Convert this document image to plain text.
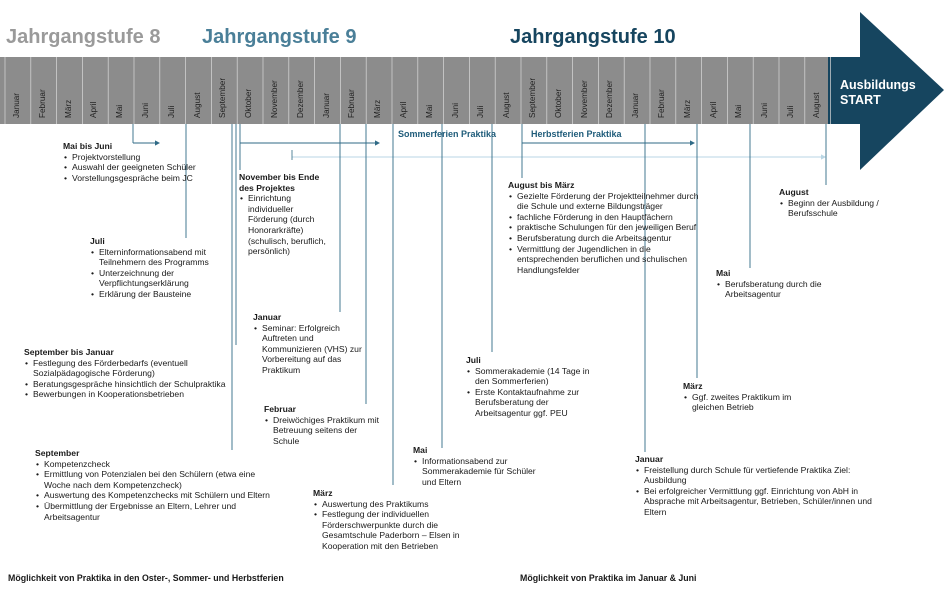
Jahrgangstufe 8 Jahrgangstufe 9	Jahrgangstufe 10
Januar	Februar	März	April	Mai	Juni	Juli	August	September	Oktober	November	Dezember	Januar	Februar	März	April	Mai	Juni	Juli	August	September	Oktober	November	Dezember	Januar	Februar	März	April	Mai	Juni	Juli	August
Ausbildungs
START
Sommerferien Praktika	Herbstferien Praktika
Mai bis Juni
• Projektvorstellung
• Auswahl der geeigneten Schüler
• Vorstellungsgespräche beim JC
Juli
• Elterninformationsabend mit Teilnehmern des Programms
• Unterzeichnung der Verpflichtungserklärung
• Erklärung der Bausteine
September bis Januar
• Festlegung des Förderbedarfs (eventuell Sozialpädagogische Förderung)
• Beratungsgespräche hinsichtlich der Schulpraktika
• Bewerbungen in Kooperationsbetrieben
September
• Kompetenzcheck
• Ermittlung von Potenzialen bei den Schülern (etwa eine Woche nach dem Kompetenzcheck)
• Auswertung des Kompetenzchecks mit Schülern und Eltern
• Übermittlung der Ergebnisse an Eltern, Lehrer und Arbeitsagentur
November bis Ende des Projektes
• Einrichtung individueller Förderung (durch Honorarkräfte) (schulisch, beruflich, persönlich)
Januar
• Seminar: Erfolgreich Auftreten und Kommunizieren (VHS) zur Vorbereitung auf das Praktikum
Februar
• Dreiwöchiges Praktikum mit Betreuung seitens der Schule
März
• Auswertung des Praktikums
• Festlegung der individuellen Förderschwerpunkte durch die Gesamtschule Paderborn – Elsen in Kooperation mit den Betrieben
Mai
• Informationsabend zur Sommerakademie für Schüler und Eltern
Juli
• Sommerakademie (14 Tage in den Sommerferien)
• Erste Kontaktaufnahme zur Berufsberatung der Arbeitsagentur ggf. PEU
August bis März
• Gezielte Förderung der Projektteilnehmer durch die Schule und externe Bildungsträger
• fachliche Förderung in den Hauptfächern
• praktische Schulungen für den jeweiligen Beruf
• Berufsberatung durch die Arbeitsagentur
• Vermittlung der Jugendlichen in die entsprechenden beruflichen und schulischen Handlungsfelder
Januar
• Freistellung durch Schule für vertiefende Praktika Ziel: Ausbildung
• Bei erfolgreicher Vermittlung ggf. Einrichtung von AbH in Absprache mit Arbeitsagentur, Betrieben, Schüler/innen und Eltern
März
• Ggf. zweites Praktikum im gleichen Betrieb
Mai
• Berufsberatung durch die Arbeitsagentur
August
• Beginn der Ausbildung / Berufsschule
Möglichkeit von Praktika in den Oster-, Sommer- und Herbstferien	Möglichkeit von Praktika im Januar & Juni
